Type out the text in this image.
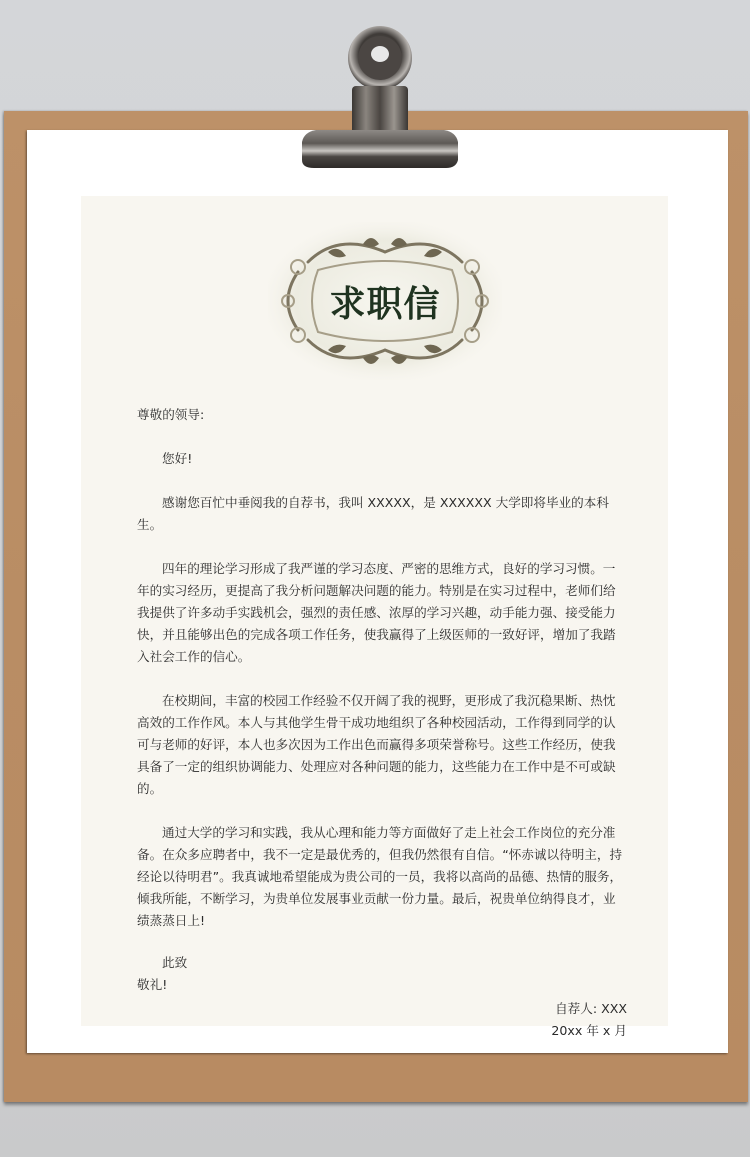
求职信

尊敬的领导:

您好!

感谢您百忙中垂阅我的自荐书，我叫 XXXXX，是 XXXXXX 大学即将毕业的本科生。

四年的理论学习形成了我严谨的学习态度、严密的思维方式，良好的学习习惯。一年的实习经历，更提高了我分析问题解决问题的能力。特别是在实习过程中，老师们给我提供了许多动手实践机会，强烈的责任感、浓厚的学习兴趣，动手能力强、接受能力快，并且能够出色的完成各项工作任务，使我赢得了上级医师的一致好评，增加了我踏入社会工作的信心。

在校期间，丰富的校园工作经验不仅开阔了我的视野，更形成了我沉稳果断、热忱高效的工作作风。本人与其他学生骨干成功地组织了各种校园活动，工作得到同学的认可与老师的好评，本人也多次因为工作出色而赢得多项荣誉称号。这些工作经历，使我具备了一定的组织协调能力、处理应对各种问题的能力，这些能力在工作中是不可或缺的。

通过大学的学习和实践，我从心理和能力等方面做好了走上社会工作岗位的充分准备。在众多应聘者中，我不一定是最优秀的，但我仍然很有自信。“怀赤诚以待明主，持经论以待明君”。我真诚地希望能成为贵公司的一员，我将以高尚的品德、热情的服务，倾我所能，不断学习，为贵单位发展事业贡献一份力量。最后，祝贵单位纳得良才，业绩蒸蒸日上!

此致

敬礼!

自荐人: XXX

20xx 年 x 月
